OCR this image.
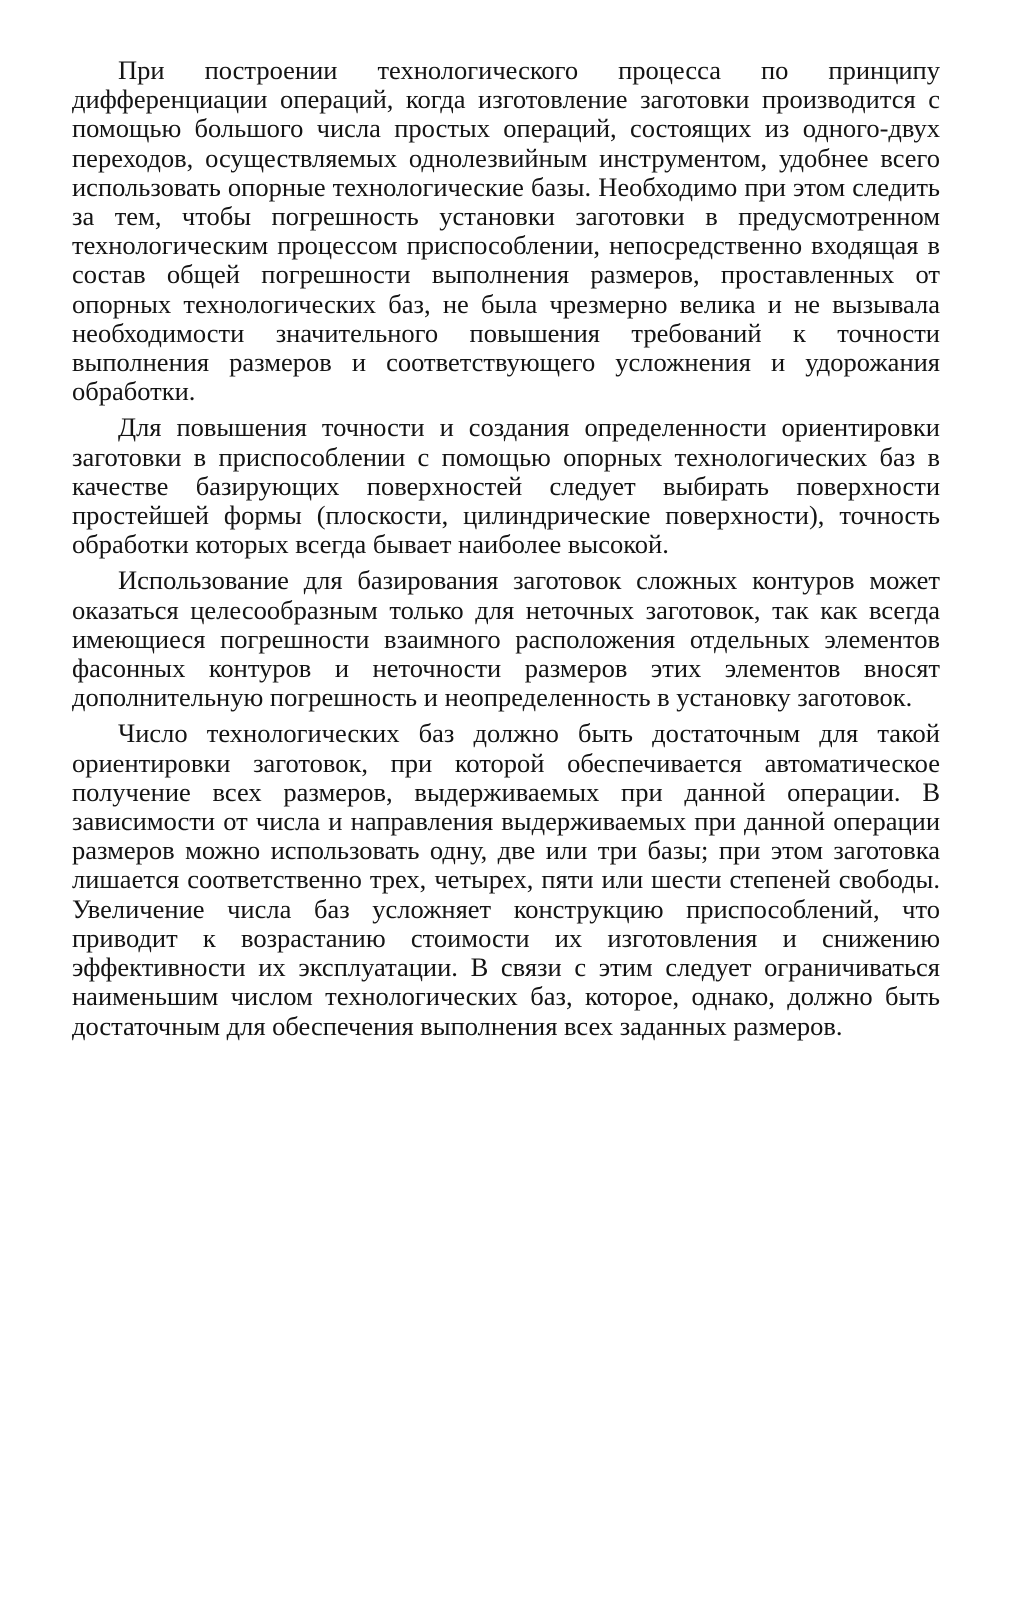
При построении технологического процесса по принципу дифференциации операций, когда изготовление заготовки производится с помощью большого числа простых операций, состоящих из одного-двух переходов, осуществляемых однолезвийным инструментом, удобнее всего использовать опорные технологические базы. Необходимо при этом следить за тем, чтобы погрешность установки заготовки в предусмотренном технологическим процессом приспособлении, непосредственно входящая в состав общей погрешности выполнения размеров, проставленных от опорных технологических баз, не была чрезмерно велика и не вызывала необходимости значительного повышения требований к точности выполнения размеров и соответствующего усложнения и удорожания обработки.

Для повышения точности и создания определенности ориентировки заготовки в приспособлении с помощью опорных технологических баз в качестве базирующих поверхностей следует выбирать поверхности простейшей формы (плоскости, цилиндрические поверхности), точность обработки которых всегда бывает наиболее высокой.

Использование для базирования заготовок сложных контуров может оказаться целесообразным только для неточных заготовок, так как всегда имеющиеся погрешности взаимного расположения отдельных элементов фасонных контуров и неточности размеров этих элементов вносят дополнительную погрешность и неопределенность в установку заготовок.

Число технологических баз должно быть достаточным для такой ориентировки заготовок, при которой обеспечивается автоматическое получение всех размеров, выдерживаемых при данной операции. В зависимости от числа и направления выдерживаемых при данной операции размеров можно использовать одну, две или три базы; при этом заготовка лишается соответственно трех, четырех, пяти или шести степеней свободы. Увеличение числа баз усложняет конструкцию приспособлений, что приводит к возрастанию стоимости их изготовления и снижению эффективности их эксплуатации. В связи с этим следует ограничиваться наименьшим числом технологических баз, которое, однако, должно быть достаточным для обеспечения выполнения всех заданных размеров.
